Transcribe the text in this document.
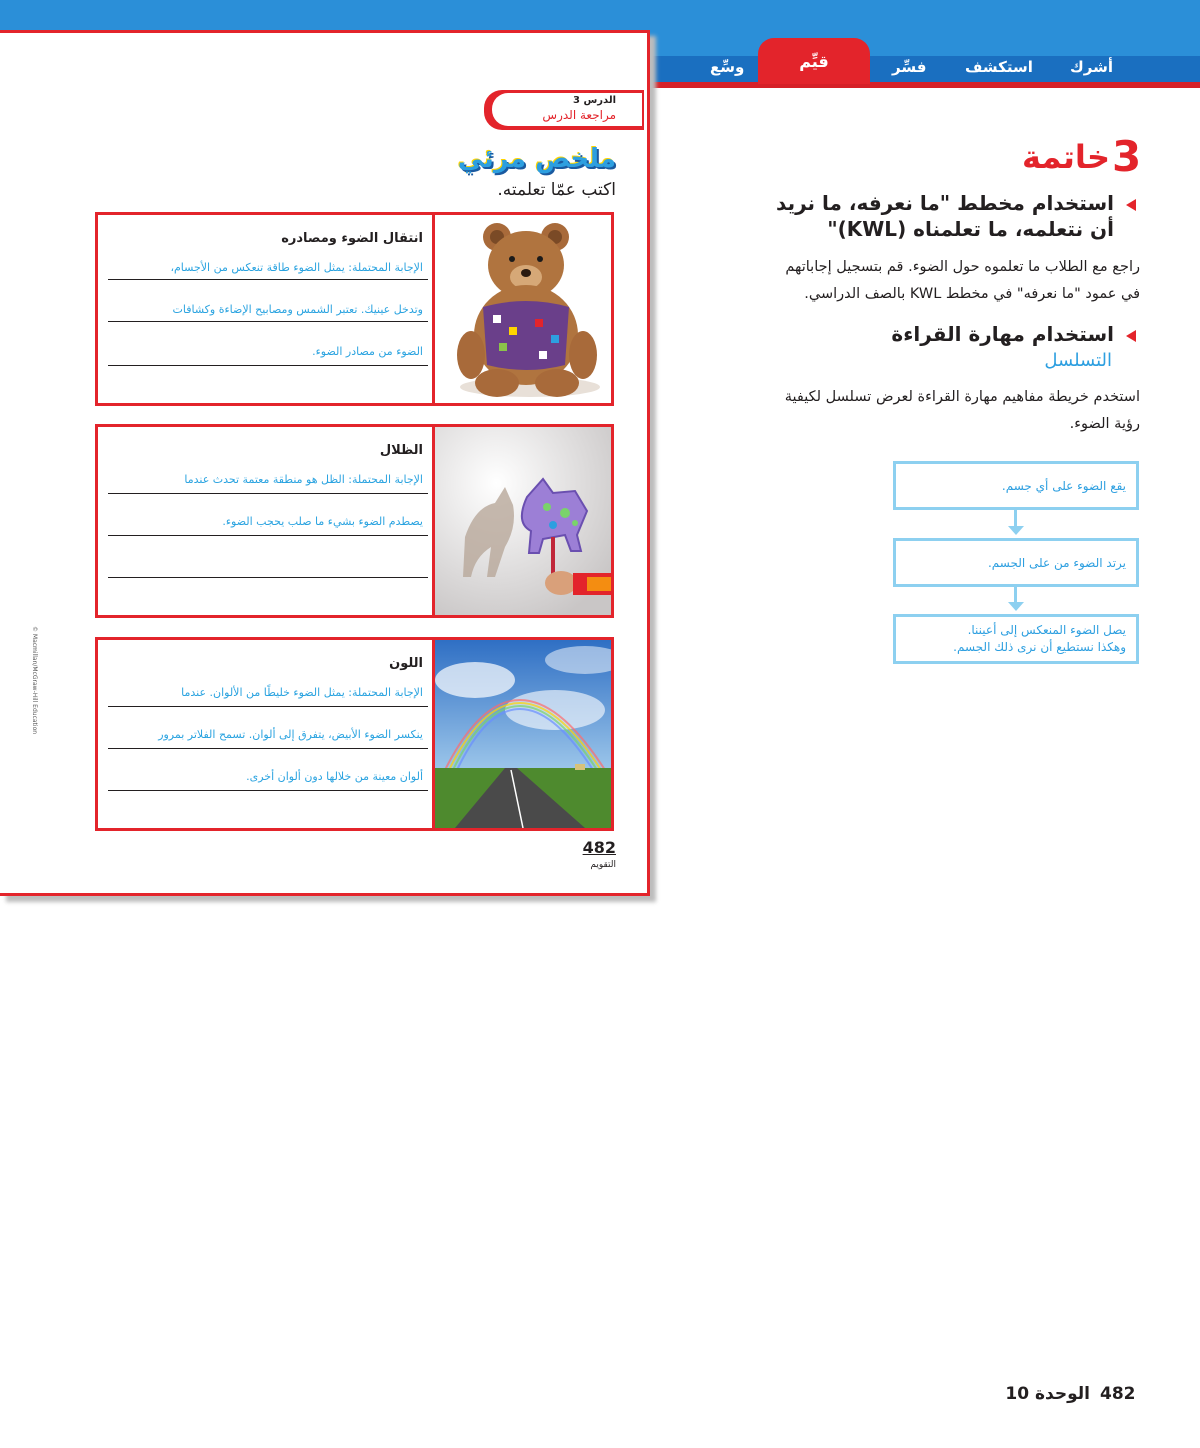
قيِّم	أشرك
استكشف
فسِّر
وسِّع
الدرس 3
مراجعة الدرس
ملخص مرئي
اكتب عمّا تعلمته.
انتقال الضوء ومصادره
الإجابة المحتملة: يمثل الضوء طاقة تنعكس من الأجسام،
وتدخل عينيك. تعتبر الشمس ومصابيح الإضاءة وكشافات
الضوء من مصادر الضوء.
الظلال
الإجابة المحتملة: الظل هو منطقة معتمة تحدث عندما
يصطدم الضوء بشيء ما صلب يحجب الضوء.
اللون
الإجابة المحتملة: يمثل الضوء خليطًا من الألوان. عندما
ينكسر الضوء الأبيض، يتفرق إلى ألوان. تسمح الفلاتر بمرور
ألوان معينة من خلالها دون ألوان أخرى.
482
التقويم
© Macmillan/McGraw-Hill Education
3
خاتمة
استخدام مخطط "ما نعرفه، ما نريد
أن نتعلمه، ما تعلمناه (KWL)"
راجع مع الطلاب ما تعلموه حول الضوء. قم بتسجيل إجاباتهم
في عمود "ما نعرفه" في مخطط KWL بالصف الدراسي.
استخدام مهارة القراءة
التسلسل
استخدم خريطة مفاهيم مهارة القراءة لعرض تسلسل لكيفية
رؤية الضوء.
يقع الضوء على أي جسم.
يرتد الضوء من على الجسم.
يصل الضوء المنعكس إلى أعيننا.
وهكذا نستطيع أن نرى ذلك الجسم.
482
الوحدة 10
